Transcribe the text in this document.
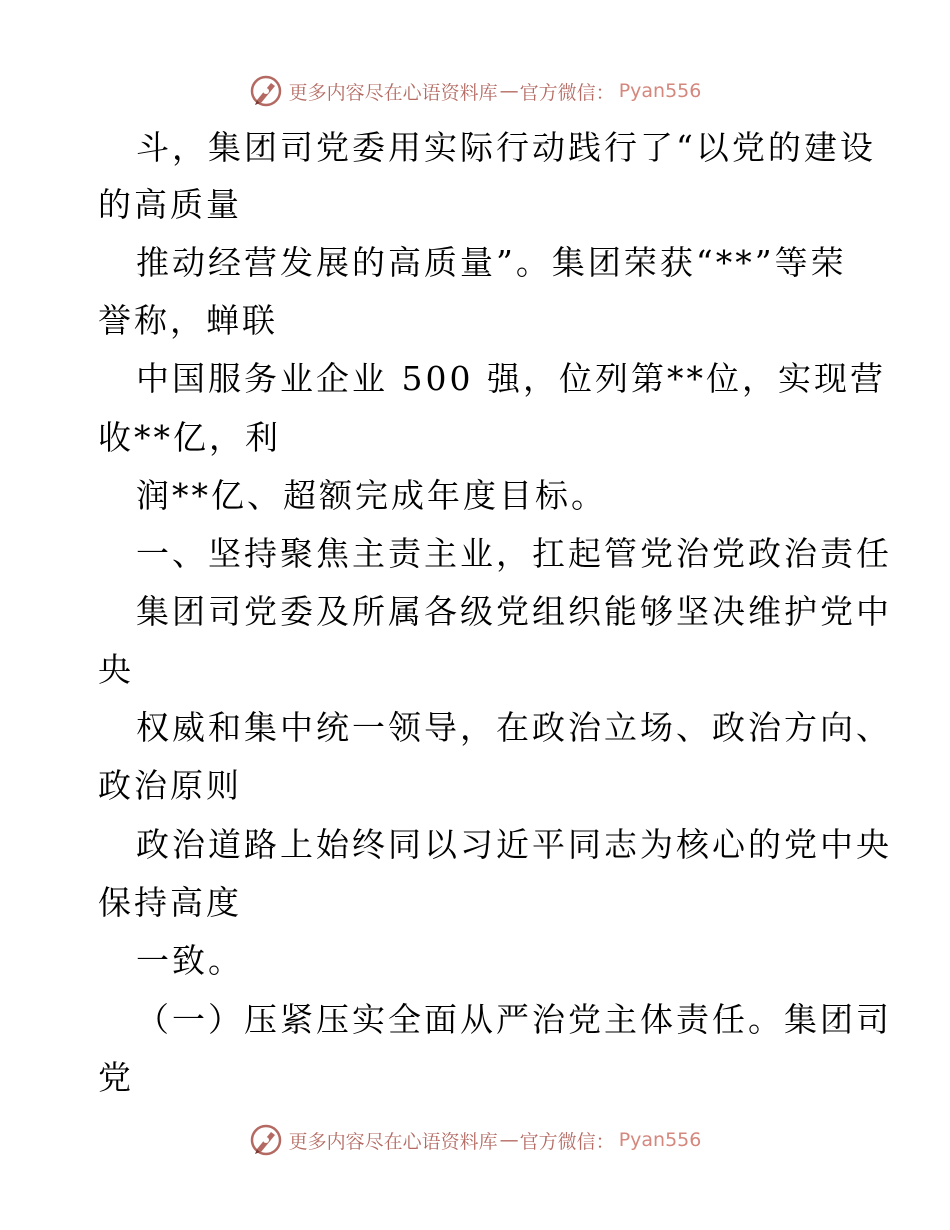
更多内容尽在心语资料库 — 官方微信： Pyan556
斗，集团司党委用实际行动践行了“以党的建设
的高质量
推动经营发展的高质量”。集团荣获“**”等荣
誉称，蝉联
中国服务业企业 500 强，位列第**位，实现营
收**亿，利
润**亿、超额完成年度目标。
一、坚持聚焦主责主业，扛起管党治党政治责任
集团司党委及所属各级党组织能够坚决维护党中
央
权威和集中统一领导，在政治立场、政治方向、
政治原则
政治道路上始终同以习近平同志为核心的党中央
保持高度
一致。
（一）压紧压实全面从严治党主体责任。集团司
党
更多内容尽在心语资料库 — 官方微信： Pyan556
